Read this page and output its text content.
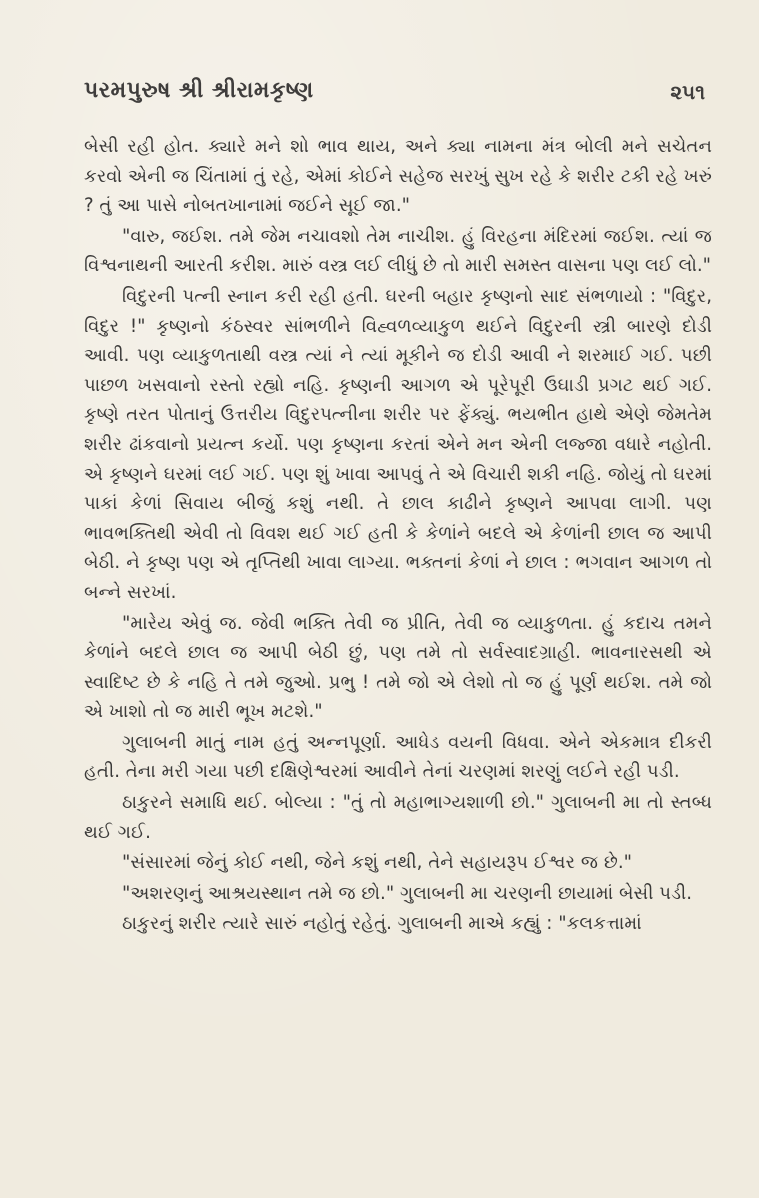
પરમપુરુષ શ્રી શ્રીરામકૃષ્ણ	૨૫૧

બેસી રહી હોત. ક્યારે મને શો ભાવ થાય, અને ક્યા નામના મંત્ર બોલી મને સચેતન કરવો એની જ ચિંતામાં તું રહે, એમાં કોઈને સહેજ સરખું સુખ રહે કે શરીર ટકી રહે ખરું ? તું આ પાસે નોબતખાનામાં જઈને સૂઈ જા."

"વારુ, જઈશ. તમે જેમ નચાવશો તેમ નાચીશ. હું વિરહના મંદિરમાં જઈશ. ત્યાં જ વિશ્વનાથની આરતી કરીશ. મારું વસ્ત્ર લઈ લીધું છે તો મારી સમસ્ત વાસના પણ લઈ લો."

વિદુરની પત્ની સ્નાન કરી રહી હતી. ઘરની બહાર કૃષ્ણનો સાદ સંભળાયો : "વિદુર, વિદુર !" કૃષ્ણનો કંઠસ્વર સાંભળીને વિહ્વળવ્યાકુળ થઈને વિદુરની સ્ત્રી બારણે દોડી આવી. પણ વ્યાકુળતાથી વસ્ત્ર ત્યાં ને ત્યાં મૂકીને જ દોડી આવી ને શરમાઈ ગઈ. પછી પાછળ ખસવાનો રસ્તો રહ્યો નહિ. કૃષ્ણની આગળ એ પૂરેપૂરી ઉઘાડી પ્રગટ થઈ ગઈ. કૃષ્ણે તરત પોતાનું ઉત્તરીય વિદુરપત્નીના શરીર પર ફેંક્યું. ભયભીત હાથે એણે જેમતેમ શરીર ઢાંકવાનો પ્રયત્ન કર્યો. પણ કૃષ્ણના કરતાં એને મન એની લજ્જા વધારે નહોતી. એ કૃષ્ણને ઘરમાં લઈ ગઈ. પણ શું ખાવા આપવું તે એ વિચારી શકી નહિ. જોયું તો ઘરમાં પાકાં કેળાં સિવાય બીજું કશું નથી. તે છાલ કાઢીને કૃષ્ણને આપવા લાગી. પણ ભાવભક્તિથી એવી તો વિવશ થઈ ગઈ હતી કે કેળાંને બદલે એ કેળાંની છાલ જ આપી બેઠી. ને કૃષ્ણ પણ એ તૃપ્તિથી ખાવા લાગ્યા. ભક્તનાં કેળાં ને છાલ : ભગવાન આગળ તો બન્ને સરખાં.

"મારેય એવું જ. જેવી ભક્તિ તેવી જ પ્રીતિ, તેવી જ વ્યાકુળતા. હું કદાચ તમને કેળાંને બદલે છાલ જ આપી બેઠી છું, પણ તમે તો સર્વસ્વાદગ્રાહી. ભાવનારસથી એ સ્વાદિષ્ટ છે કે નહિ તે તમે જુઓ. પ્રભુ ! તમે જો એ લેશો તો જ હું પૂર્ણ થઈશ. તમે જો એ ખાશો તો જ મારી ભૂખ મટશે."

ગુલાબની માતું નામ હતું અન્નપૂર્ણા. આધેડ વયની વિધવા. એને એકમાત્ર દીકરી હતી. તેના મરી ગયા પછી દક્ષિણેશ્વરમાં આવીને તેનાં ચરણમાં શરણું લઈને રહી પડી.

ઠાકુરને સમાધિ થઈ. બોલ્યા : "તું તો મહાભાગ્યશાળી છો." ગુલાબની મા તો સ્તબ્ધ થઈ ગઈ.

"સંસારમાં જેનું કોઈ નથી, જેને કશું નથી, તેને સહાયરૂપ ઈશ્વર જ છે."

"અશરણનું આશ્રયસ્થાન તમે જ છો." ગુલાબની મા ચરણની છાયામાં બેસી પડી.

ઠાકુરનું શરીર ત્યારે સારું નહોતું રહેતું. ગુલાબની માએ કહ્યું : "કલકત્તામાં
